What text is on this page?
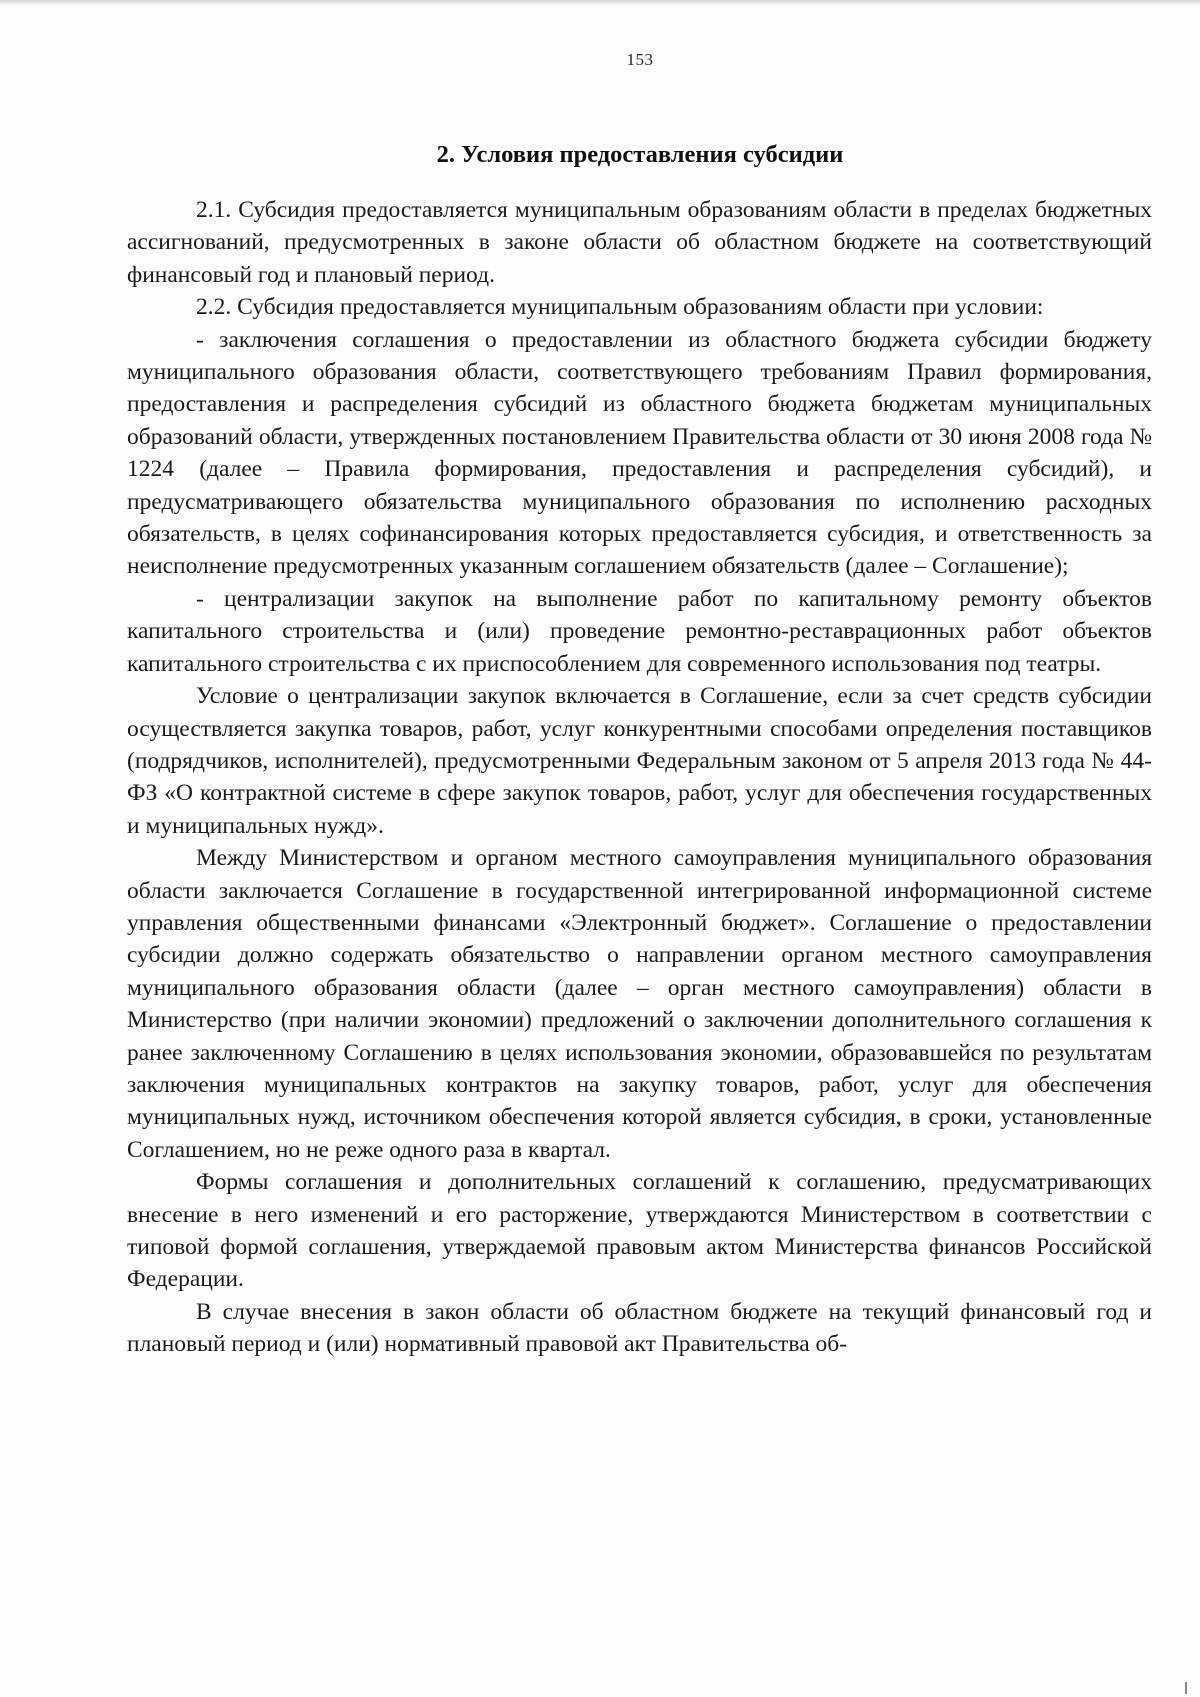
153
2. Условия предоставления субсидии

2.1. Субсидия предоставляется муниципальным образованиям области в пределах бюджетных ассигнований, предусмотренных в законе области об областном бюджете на соответствующий финансовый год и плановый период.

2.2. Субсидия предоставляется муниципальным образованиям области при условии:

- заключения соглашения о предоставлении из областного бюджета субсидии бюджету муниципального образования области, соответствующего требованиям Правил формирования, предоставления и распределения субсидий из областного бюджета бюджетам муниципальных образований области, утвержденных постановлением Правительства области от 30 июня 2008 года № 1224 (далее – Правила формирования, предоставления и распределения субсидий), и предусматривающего обязательства муниципального образования по исполнению расходных обязательств, в целях софинансирования которых предоставляется субсидия, и ответственность за неисполнение предусмотренных указанным соглашением обязательств (далее – Соглашение);

- централизации закупок на выполнение работ по капитальному ремонту объектов капитального строительства и (или) проведение ремонтно-реставрационных работ объектов капитального строительства с их приспособлением для современного использования под театры.

Условие о централизации закупок включается в Соглашение, если за счет средств субсидии осуществляется закупка товаров, работ, услуг конкурентными способами определения поставщиков (подрядчиков, исполнителей), предусмотренными Федеральным законом от 5 апреля 2013 года № 44-ФЗ «О контрактной системе в сфере закупок товаров, работ, услуг для обеспечения государственных и муниципальных нужд».

Между Министерством и органом местного самоуправления муниципального образования области заключается Соглашение в государственной интегрированной информационной системе управления общественными финансами «Электронный бюджет». Соглашение о предоставлении субсидии должно содержать обязательство о направлении органом местного самоуправления муниципального образования области (далее – орган местного самоуправления) области в Министерство (при наличии экономии) предложений о заключении дополнительного соглашения к ранее заключенному Соглашению в целях использования экономии, образовавшейся по результатам заключения муниципальных контрактов на закупку товаров, работ, услуг для обеспечения муниципальных нужд, источником обеспечения которой является субсидия, в сроки, установленные Соглашением, но не реже одного раза в квартал.

Формы соглашения и дополнительных соглашений к соглашению, предусматривающих внесение в него изменений и его расторжение, утверждаются Министерством в соответствии с типовой формой соглашения, утверждаемой правовым актом Министерства финансов Российской Федерации.

В случае внесения в закон области об областном бюджете на текущий финансовый год и плановый период и (или) нормативный правовой акт Правительства об-
